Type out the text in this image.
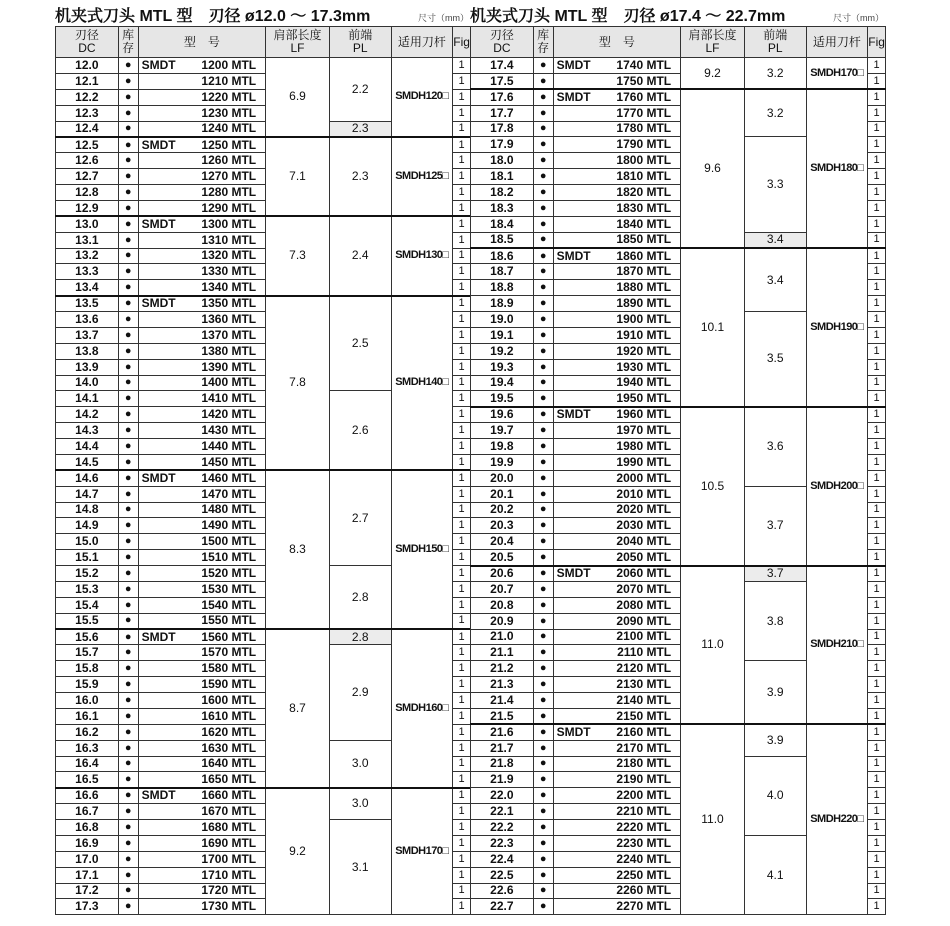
机夹式刀头 MTL 型　刃径 ø12.0 ～ 17.3mm	尺寸（mm）
刃径
DC	库
存	型　号	肩部长度
LF	前端
PL	适用刀杆	Fig
12.0	●	SMDT 1200 MTL	6.9	2.2	SMDH120□	1
12.1	●	1210 MTL				1
12.2	●	1220 MTL				1
12.3	●	1230 MTL				1
12.4	●	1240 MTL		2.3		1
12.5	●	SMDT 1250 MTL	7.1	2.3	SMDH125□	1
12.6	●	1260 MTL				1
12.7	●	1270 MTL				1
12.8	●	1280 MTL				1
12.9	●	1290 MTL				1
13.0	●	SMDT 1300 MTL	7.3	2.4	SMDH130□	1
13.1	●	1310 MTL				1
13.2	●	1320 MTL				1
13.3	●	1330 MTL				1
13.4	●	1340 MTL				1
13.5	●	SMDT 1350 MTL	7.8	2.5	SMDH140□	1
13.6	●	1360 MTL				1
13.7	●	1370 MTL				1
13.8	●	1380 MTL				1
13.9	●	1390 MTL				1
14.0	●	1400 MTL				1
14.1	●	1410 MTL		2.6		1
14.2	●	1420 MTL				1
14.3	●	1430 MTL				1
14.4	●	1440 MTL				1
14.5	●	1450 MTL				1
14.6	●	SMDT 1460 MTL	8.3	2.7	SMDH150□	1
14.7	●	1470 MTL				1
14.8	●	1480 MTL				1
14.9	●	1490 MTL				1
15.0	●	1500 MTL				1
15.1	●	1510 MTL				1
15.2	●	1520 MTL		2.8		1
15.3	●	1530 MTL				1
15.4	●	1540 MTL				1
15.5	●	1550 MTL				1
15.6	●	SMDT 1560 MTL	8.7	2.8	SMDH160□	1
15.7	●	1570 MTL		2.9		1
15.8	●	1580 MTL				1
15.9	●	1590 MTL				1
16.0	●	1600 MTL				1
16.1	●	1610 MTL				1
16.2	●	1620 MTL				1
16.3	●	1630 MTL		3.0		1
16.4	●	1640 MTL				1
16.5	●	1650 MTL				1
16.6	●	SMDT 1660 MTL	9.2	3.0	SMDH170□	1
16.7	●	1670 MTL				1
16.8	●	1680 MTL		3.1		1
16.9	●	1690 MTL				1
17.0	●	1700 MTL				1
17.1	●	1710 MTL				1
17.2	●	1720 MTL				1
17.3	●	1730 MTL				1
机夹式刀头 MTL 型　刃径 ø17.4 ～ 22.7mm	尺寸（mm）
刃径
DC	库
存	型　号	肩部长度
LF	前端
PL	适用刀杆	Fig
17.4	●	SMDT 1740 MTL	9.2	3.2	SMDH170□	1
17.5	●	1750 MTL				1
17.6	●	SMDT 1760 MTL	9.6	3.2	SMDH180□	1
17.7	●	1770 MTL				1
17.8	●	1780 MTL				1
17.9	●	1790 MTL		3.3		1
18.0	●	1800 MTL				1
18.1	●	1810 MTL				1
18.2	●	1820 MTL				1
18.3	●	1830 MTL				1
18.4	●	1840 MTL				1
18.5	●	1850 MTL		3.4		1
18.6	●	SMDT 1860 MTL	10.1	3.4	SMDH190□	1
18.7	●	1870 MTL				1
18.8	●	1880 MTL				1
18.9	●	1890 MTL				1
19.0	●	1900 MTL		3.5		1
19.1	●	1910 MTL				1
19.2	●	1920 MTL				1
19.3	●	1930 MTL				1
19.4	●	1940 MTL				1
19.5	●	1950 MTL				1
19.6	●	SMDT 1960 MTL	10.5	3.6	SMDH200□	1
19.7	●	1970 MTL				1
19.8	●	1980 MTL				1
19.9	●	1990 MTL				1
20.0	●	2000 MTL				1
20.1	●	2010 MTL		3.7		1
20.2	●	2020 MTL				1
20.3	●	2030 MTL				1
20.4	●	2040 MTL				1
20.5	●	2050 MTL				1
20.6	●	SMDT 2060 MTL	11.0	3.7	SMDH210□	1
20.7	●	2070 MTL		3.8		1
20.8	●	2080 MTL				1
20.9	●	2090 MTL				1
21.0	●	2100 MTL				1
21.1	●	2110 MTL				1
21.2	●	2120 MTL		3.9		1
21.3	●	2130 MTL				1
21.4	●	2140 MTL				1
21.5	●	2150 MTL				1
21.6	●	SMDT 2160 MTL	11.0	3.9	SMDH220□	1
21.7	●	2170 MTL				1
21.8	●	2180 MTL		4.0		1
21.9	●	2190 MTL				1
22.0	●	2200 MTL				1
22.1	●	2210 MTL				1
22.2	●	2220 MTL				1
22.3	●	2230 MTL		4.1		1
22.4	●	2240 MTL				1
22.5	●	2250 MTL				1
22.6	●	2260 MTL				1
22.7	●	2270 MTL				1
